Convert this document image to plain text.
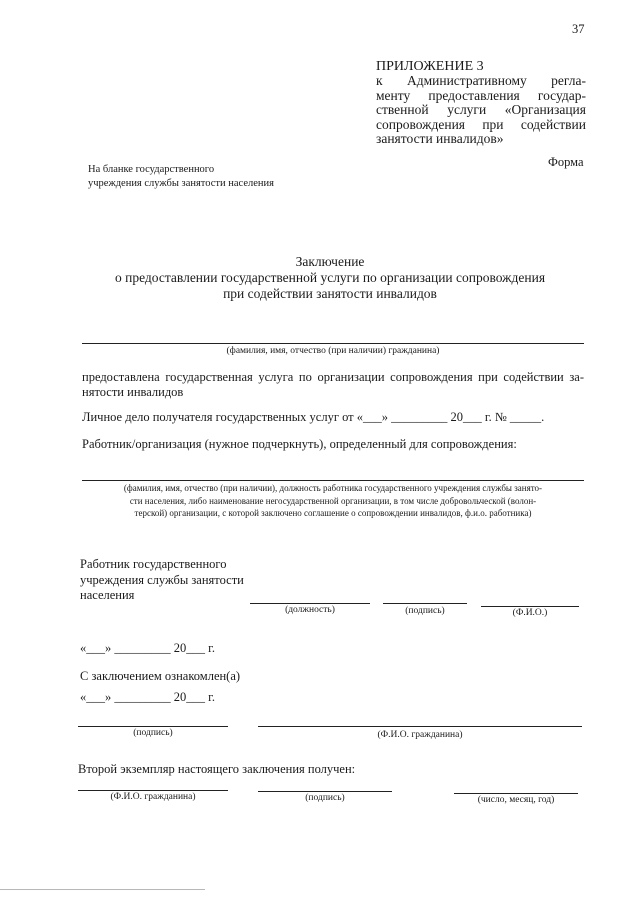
37
ПРИЛОЖЕНИЕ 3
к Административному регла-
менту предоставления государ-
ственной услуги «Организация
сопровождения при содействии
занятости инвалидов»
Форма
На бланке государственного
учреждения службы занятости населения
Заключение
о предоставлении государственной услуги по организации сопровождения
при содействии занятости инвалидов
(фамилия, имя, отчество (при наличии) гражданина)
предоставлена государственная услуга по организации сопровождения при содействии за-
нятости инвалидов
Личное дело получателя государственных услуг от «___» _________ 20___ г. № _____.
Работник/организация (нужное подчеркнуть), определенный для сопровождения:
(фамилия, имя, отчество (при наличии), должность работника государственного учреждения службы занято-
сти населения, либо наименование негосударственной организации, в том числе добровольческой (волон-
терской) организации, с которой заключено соглашение о сопровождении инвалидов, ф.и.о. работника)
Работник государственного
учреждения службы занятости
населения
(должность)	(подпись)	(Ф.И.О.)
«___» _________ 20___ г.
С заключением ознакомлен(а)
«___» _________ 20___ г.
(подпись)	(Ф.И.О. гражданина)
Второй экземпляр настоящего заключения получен:
(Ф.И.О. гражданина)	(подпись)	(число, месяц, год)
